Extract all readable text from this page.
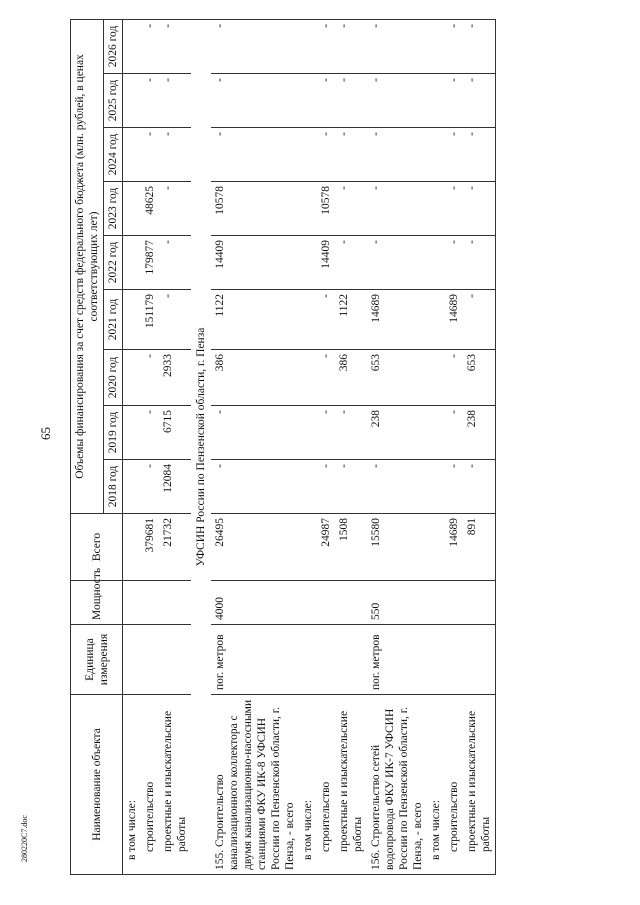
65
Наименование объекта	Единица измерения	Мощность	Всего	Объемы финансирования за счет средств федерального бюджета (млн. рублей, в ценах соответствующих лет)								
				2018 год	2019 год	2020 год	2021 год	2022 год	2023 год	2024 год	2025 год	2026 год
в том числе:												
строительство			379681	-	-	-	151179	179877	48625	-	-	-
проектные и изыскательские работы			21732	12084	6715	2933	-	-	-	-	-	-
УФСИН России по Пензенской области, г. Пенза												
155. Строительство канализационного коллектора с двумя канализационно-насосными станциями ФКУ ИК-8 УФСИН России по Пензенской области, г. Пенза, - всего	пог. метров	4000	26495	-	-	386	1122	14409	10578	-	-	-
в том числе:												
строительство			24987	-	-	-	-	14409	10578	-	-	-
проектные и изыскательские работы			1508	-	-	386	1122	-	-	-	-	-
156. Строительство сетей водопровода ФКУ ИК-7 УФСИН России по Пензенской области, г. Пенза, - всего	пог. метров	550	15580	-	238	653	14689	-	-	-	-	-
в том числе:												
строительство			14689	-	-	-	14689	-	-	-	-	-
проектные и изыскательские работы			891	-	238	653	-	-	-	-	-	-
280220С7.doc
